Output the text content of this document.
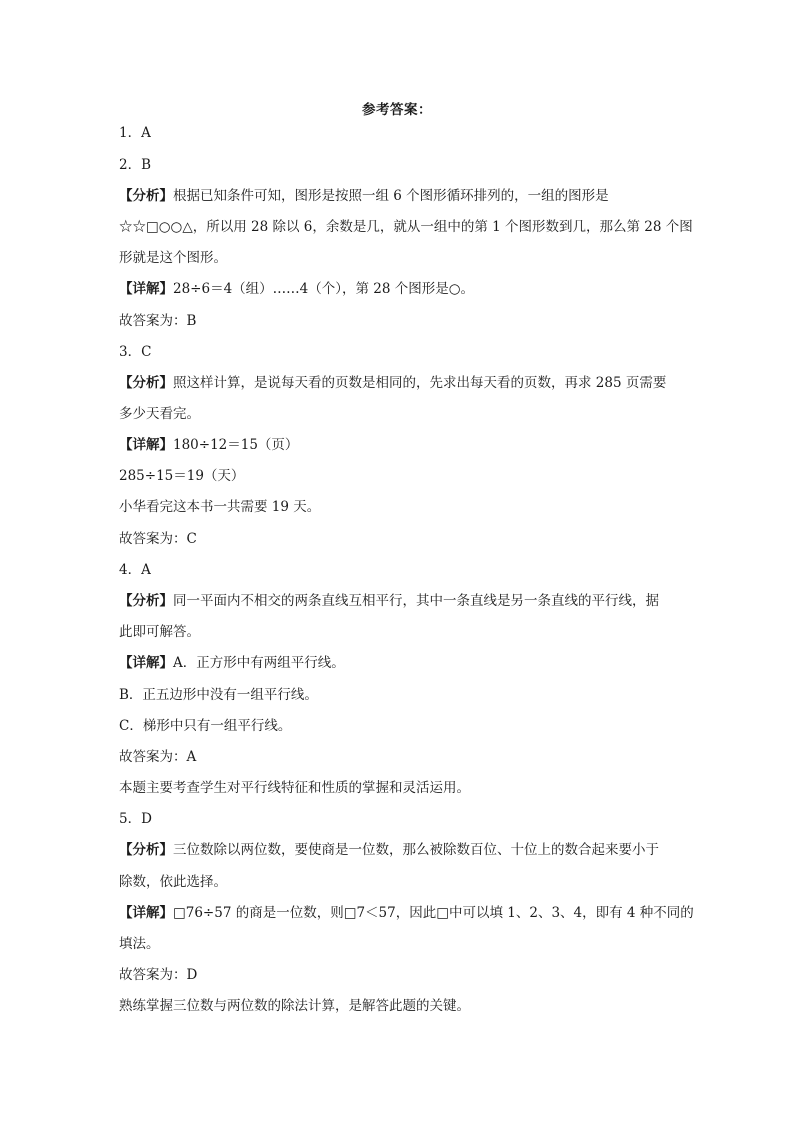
参考答案：
1．A
2．B
【分析】根据已知条件可知，图形是按照一组 6 个图形循环排列的，一组的图形是
☆☆□○○△，所以用 28 除以 6，余数是几，就从一组中的第 1 个图形数到几，那么第 28 个图
形就是这个图形。
【详解】28÷6＝4（组）……4（个），第 28 个图形是○。
故答案为：B
3．C
【分析】照这样计算，是说每天看的页数是相同的，先求出每天看的页数，再求 285 页需要
多少天看完。
【详解】180÷12＝15（页）
285÷15＝19（天）
小华看完这本书一共需要 19 天。
故答案为：C
4．A
【分析】同一平面内不相交的两条直线互相平行，其中一条直线是另一条直线的平行线，据
此即可解答。
【详解】A．正方形中有两组平行线。
B．正五边形中没有一组平行线。
C．梯形中只有一组平行线。
故答案为：A
本题主要考查学生对平行线特征和性质的掌握和灵活运用。
5．D
【分析】三位数除以两位数，要使商是一位数，那么被除数百位、十位上的数合起来要小于
除数，依此选择。
【详解】□76÷57 的商是一位数，则□7＜57，因此□中可以填 1、2、3、4，即有 4 种不同的
填法。
故答案为：D
熟练掌握三位数与两位数的除法计算，是解答此题的关键。
